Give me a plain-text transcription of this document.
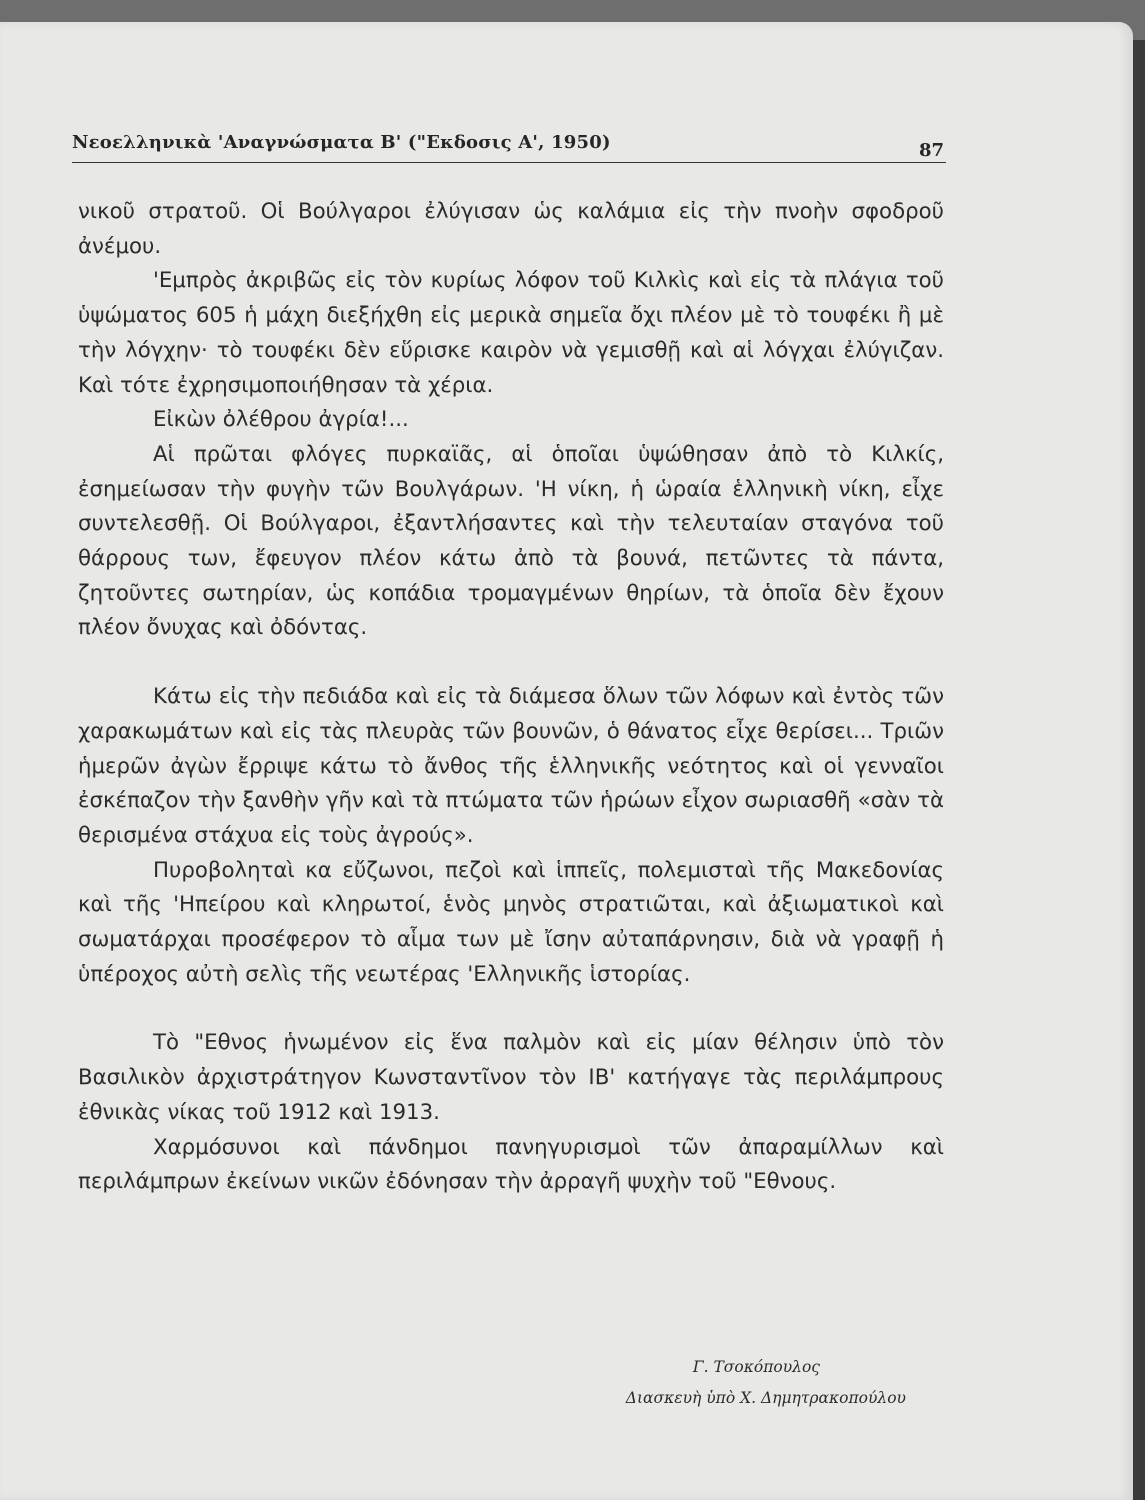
Νεοελληνικὰ 'Αναγνώσματα Β' ("Εκδοσις Α', 1950)	87

νικοῦ στρατοῦ. Οἱ Βούλγαροι ἐλύγισαν ὡς καλάμια εἰς τὴν πνοὴν σφοδροῦ ἀνέμου.

'Εμπρὸς ἀκριβῶς εἰς τὸν κυρίως λόφον τοῦ Κιλκὶς καὶ εἰς τὰ πλάγια τοῦ ὑψώματος 605 ἡ μάχη διεξήχθη εἰς μερικὰ σημεῖα ὄχι πλέον μὲ τὸ τουφέκι ἢ μὲ τὴν λόγχην· τὸ τουφέκι δὲν εὕρισκε καιρὸν νὰ γεμισθῇ καὶ αἱ λόγχαι ἐλύγιζαν. Καὶ τότε ἐχρησιμοποιήθησαν τὰ χέρια.

Εἰκὼν ὀλέθρου ἀγρία!...

Αἱ πρῶται φλόγες πυρκαϊᾶς, αἱ ὁποῖαι ὑψώθησαν ἀπὸ τὸ Κιλκίς, ἐσημείωσαν τὴν φυγὴν τῶν Βουλγάρων. 'Η νίκη, ἡ ὡραία ἑλληνικὴ νίκη, εἶχε συντελεσθῇ. Οἱ Βούλγαροι, ἐξαντλήσαντες καὶ τὴν τελευταίαν σταγόνα τοῦ θάρρους των, ἔφευγον πλέον κάτω ἀπὸ τὰ βουνά, πετῶντες τὰ πάντα, ζητοῦντες σωτηρίαν, ὡς κοπάδια τρομαγμένων θηρίων, τὰ ὁποῖα δὲν ἔχουν πλέον ὄνυχας καὶ ὀδόντας.

Κάτω εἰς τὴν πεδιάδα καὶ εἰς τὰ διάμεσα ὅλων τῶν λόφων καὶ ἐντὸς τῶν χαρακωμάτων καὶ εἰς τὰς πλευρὰς τῶν βουνῶν, ὁ θάνατος εἶχε θερίσει... Τριῶν ἡμερῶν ἀγὼν ἔρριψε κάτω τὸ ἄνθος τῆς ἑλληνικῆς νεότητος καὶ οἱ γενναῖοι ἐσκέπαζον τὴν ξανθὴν γῆν καὶ τὰ πτώματα τῶν ἡρώων εἶχον σωριασθῆ «σὰν τὰ θερισμένα στάχυα εἰς τοὺς ἀγρούς».

Πυροβοληταὶ κα εὔζωνοι, πεζοὶ καὶ ἱππεῖς, πολεμισταὶ τῆς Μακεδονίας καὶ τῆς 'Ηπείρου καὶ κληρωτοί, ἑνὸς μηνὸς στρατιῶται, καὶ ἀξιωματικοὶ καὶ σωματάρχαι προσέφερον τὸ αἷμα των μὲ ἴσην αὐταπάρνησιν, διὰ νὰ γραφῇ ἡ ὑπέροχος αὐτὴ σελὶς τῆς νεωτέρας 'Ελληνικῆς ἱστορίας.

Τὸ "Εθνος ἡνωμένον εἰς ἕνα παλμὸν καὶ εἰς μίαν θέλησιν ὑπὸ τὸν Βασιλικὸν ἀρχιστράτηγον Κωνσταντῖνον τὸν ΙΒ' κατήγαγε τὰς περιλάμπρους ἐθνικὰς νίκας τοῦ 1912 καὶ 1913.

Χαρμόσυνοι καὶ πάνδημοι πανηγυρισμοὶ τῶν ἀπαραμίλλων καὶ περιλάμπρων ἐκείνων νικῶν ἐδόνησαν τὴν ἀρραγῆ ψυχὴν τοῦ "Εθνους.

Γ. Τσοκόπουλος
Διασκευὴ ὑπὸ Χ. Δημητρακοπούλου
